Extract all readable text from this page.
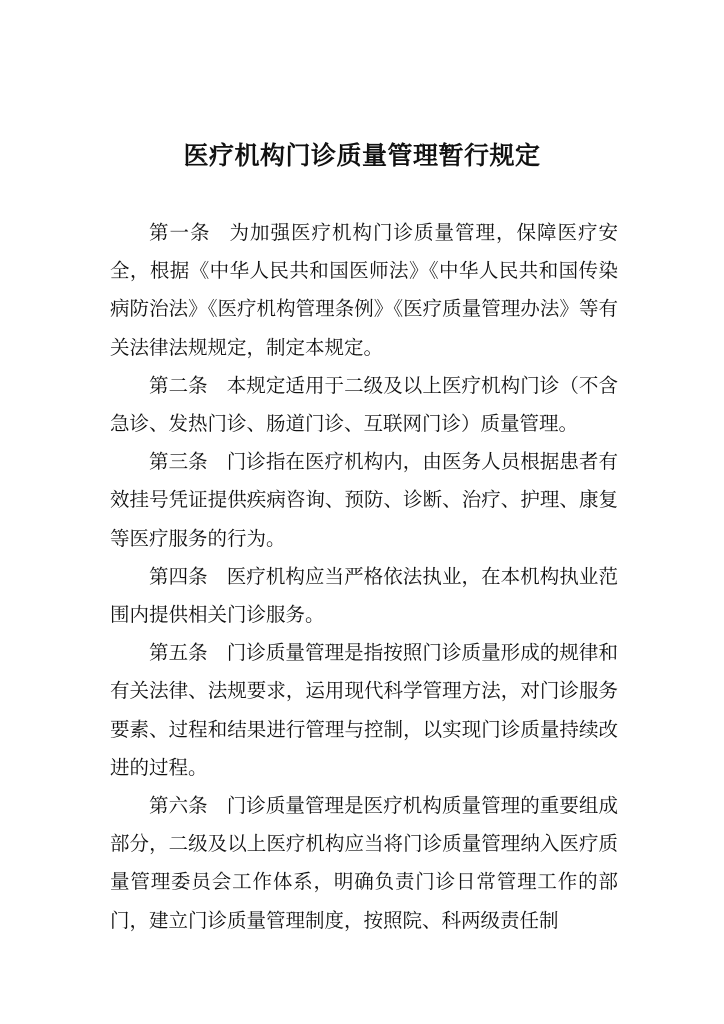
医疗机构门诊质量管理暂行规定

第一条 为加强医疗机构门诊质量管理，保障医疗安全，根据《中华人民共和国医师法》《中华人民共和国传染病防治法》《医疗机构管理条例》《医疗质量管理办法》等有关法律法规规定，制定本规定。

第二条 本规定适用于二级及以上医疗机构门诊（不含急诊、发热门诊、肠道门诊、互联网门诊）质量管理。

第三条 门诊指在医疗机构内，由医务人员根据患者有效挂号凭证提供疾病咨询、预防、诊断、治疗、护理、康复等医疗服务的行为。

第四条 医疗机构应当严格依法执业，在本机构执业范围内提供相关门诊服务。

第五条 门诊质量管理是指按照门诊质量形成的规律和有关法律、法规要求，运用现代科学管理方法，对门诊服务要素、过程和结果进行管理与控制，以实现门诊质量持续改进的过程。

第六条 门诊质量管理是医疗机构质量管理的重要组成部分，二级及以上医疗机构应当将门诊质量管理纳入医疗质量管理委员会工作体系，明确负责门诊日常管理工作的部门，建立门诊质量管理制度，按照院、科两级责任制
